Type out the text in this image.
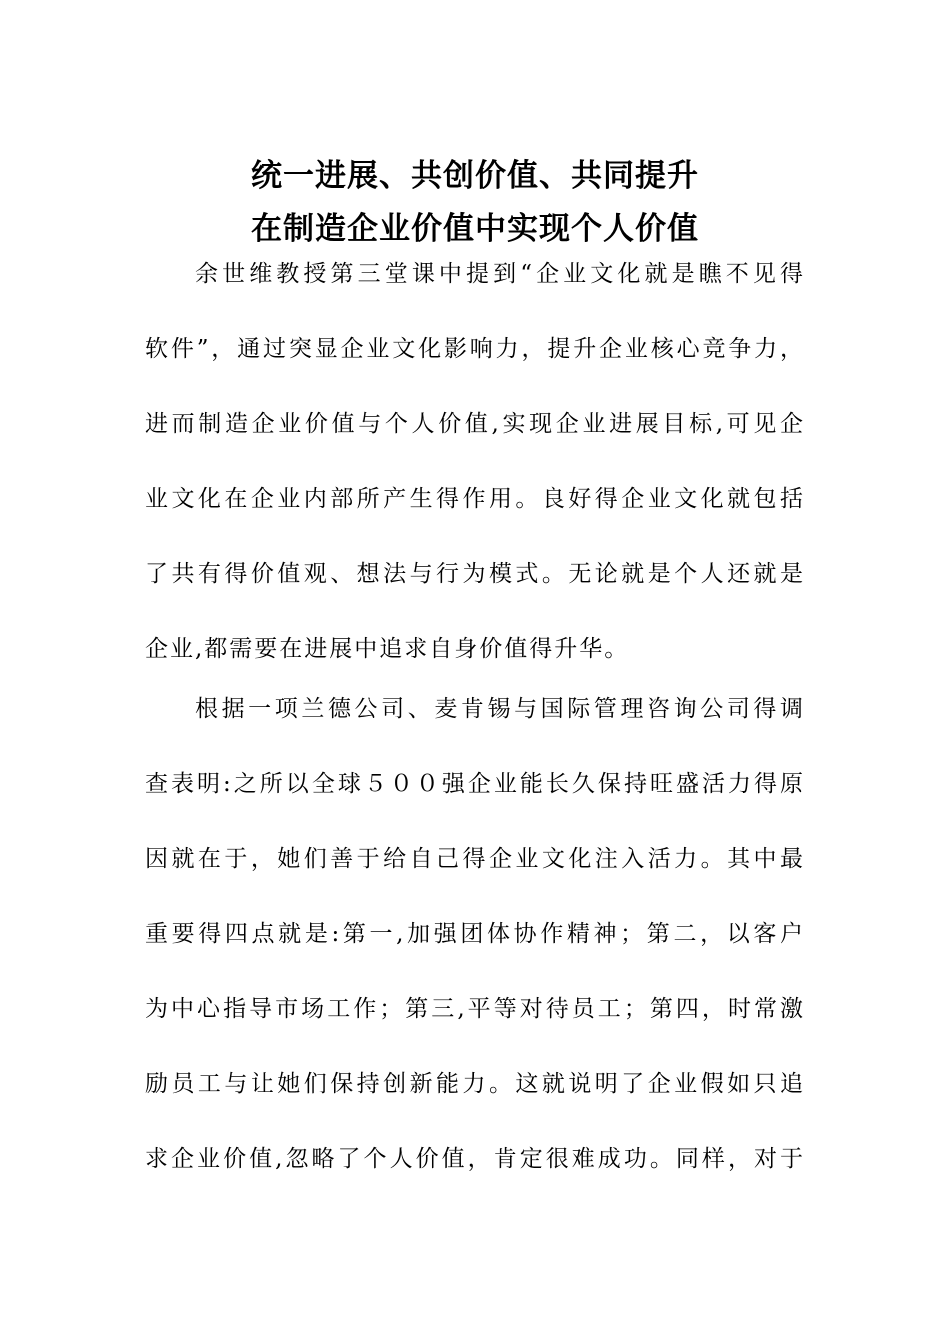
统一进展、共创价值、共同提升
在制造企业价值中实现个人价值
余世维教授第三堂课中提到“企业文化就是瞧不见得
软件”，通过突显企业文化影响力，提升企业核心竞争力，
进而制造企业价值与个人价值,实现企业进展目标,可见企
业文化在企业内部所产生得作用。良好得企业文化就包括
了共有得价值观、想法与行为模式。无论就是个人还就是
企业,都需要在进展中追求自身价值得升华。
根据一项兰德公司、麦肯锡与国际管理咨询公司得调
查表明:之所以全球５００强企业能长久保持旺盛活力得原
因就在于，她们善于给自己得企业文化注入活力。其中最
重要得四点就是:第一,加强团体协作精神；第二，以客户
为中心指导市场工作；第三,平等对待员工；第四，时常激
励员工与让她们保持创新能力。这就说明了企业假如只追
求企业价值,忽略了个人价值，肯定很难成功。同样，对于
